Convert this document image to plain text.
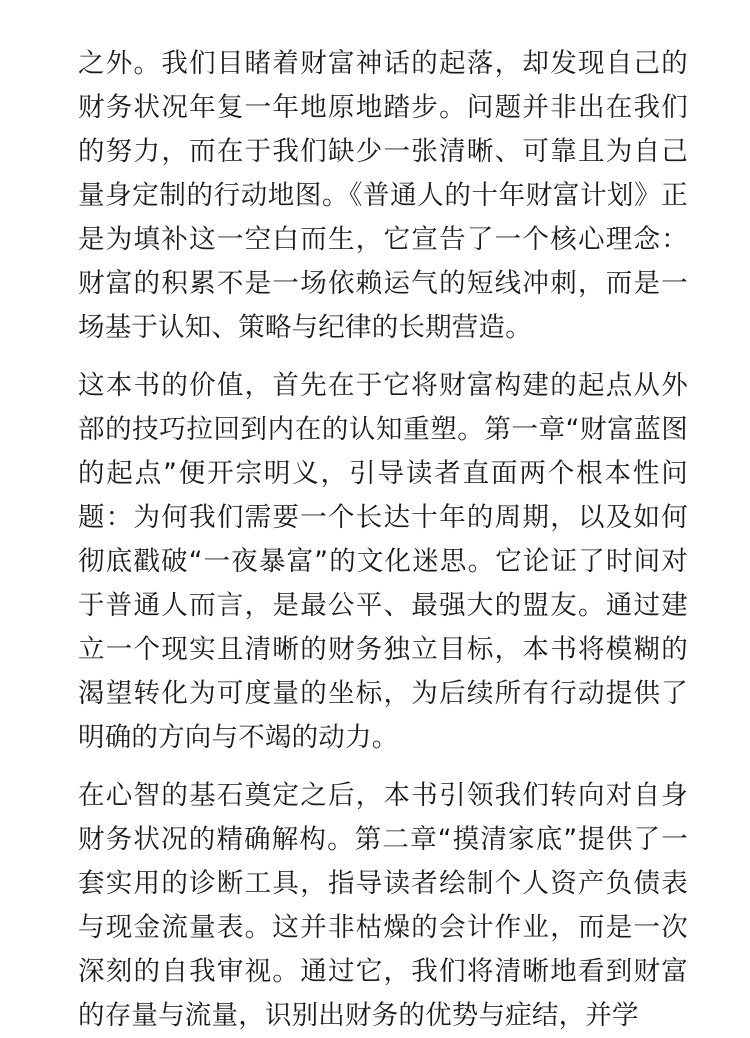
之外。我们目睹着财富神话的起落，却发现自己的财务状况年复一年地原地踏步。问题并非出在我们的努力，而在于我们缺少一张清晰、可靠且为自己量身定制的行动地图。《普通人的十年财富计划》正是为填补这一空白而生，它宣告了一个核心理念：财富的积累不是一场依赖运气的短线冲刺，而是一场基于认知、策略与纪律的长期营造。

这本书的价值，首先在于它将财富构建的起点从外部的技巧拉回到内在的认知重塑。第一章“财富蓝图的起点”便开宗明义，引导读者直面两个根本性问题：为何我们需要一个长达十年的周期，以及如何彻底戳破“一夜暴富”的文化迷思。它论证了时间对于普通人而言，是最公平、最强大的盟友。通过建立一个现实且清晰的财务独立目标，本书将模糊的渴望转化为可度量的坐标，为后续所有行动提供了明确的方向与不竭的动力。

在心智的基石奠定之后，本书引领我们转向对自身财务状况的精确解构。第二章“摸清家底”提供了一套实用的诊断工具，指导读者绘制个人资产负债表与现金流量表。这并非枯燥的会计作业，而是一次深刻的自我审视。通过它，我们将清晰地看到财富的存量与流量，识别出财务的优势与症结，并学
